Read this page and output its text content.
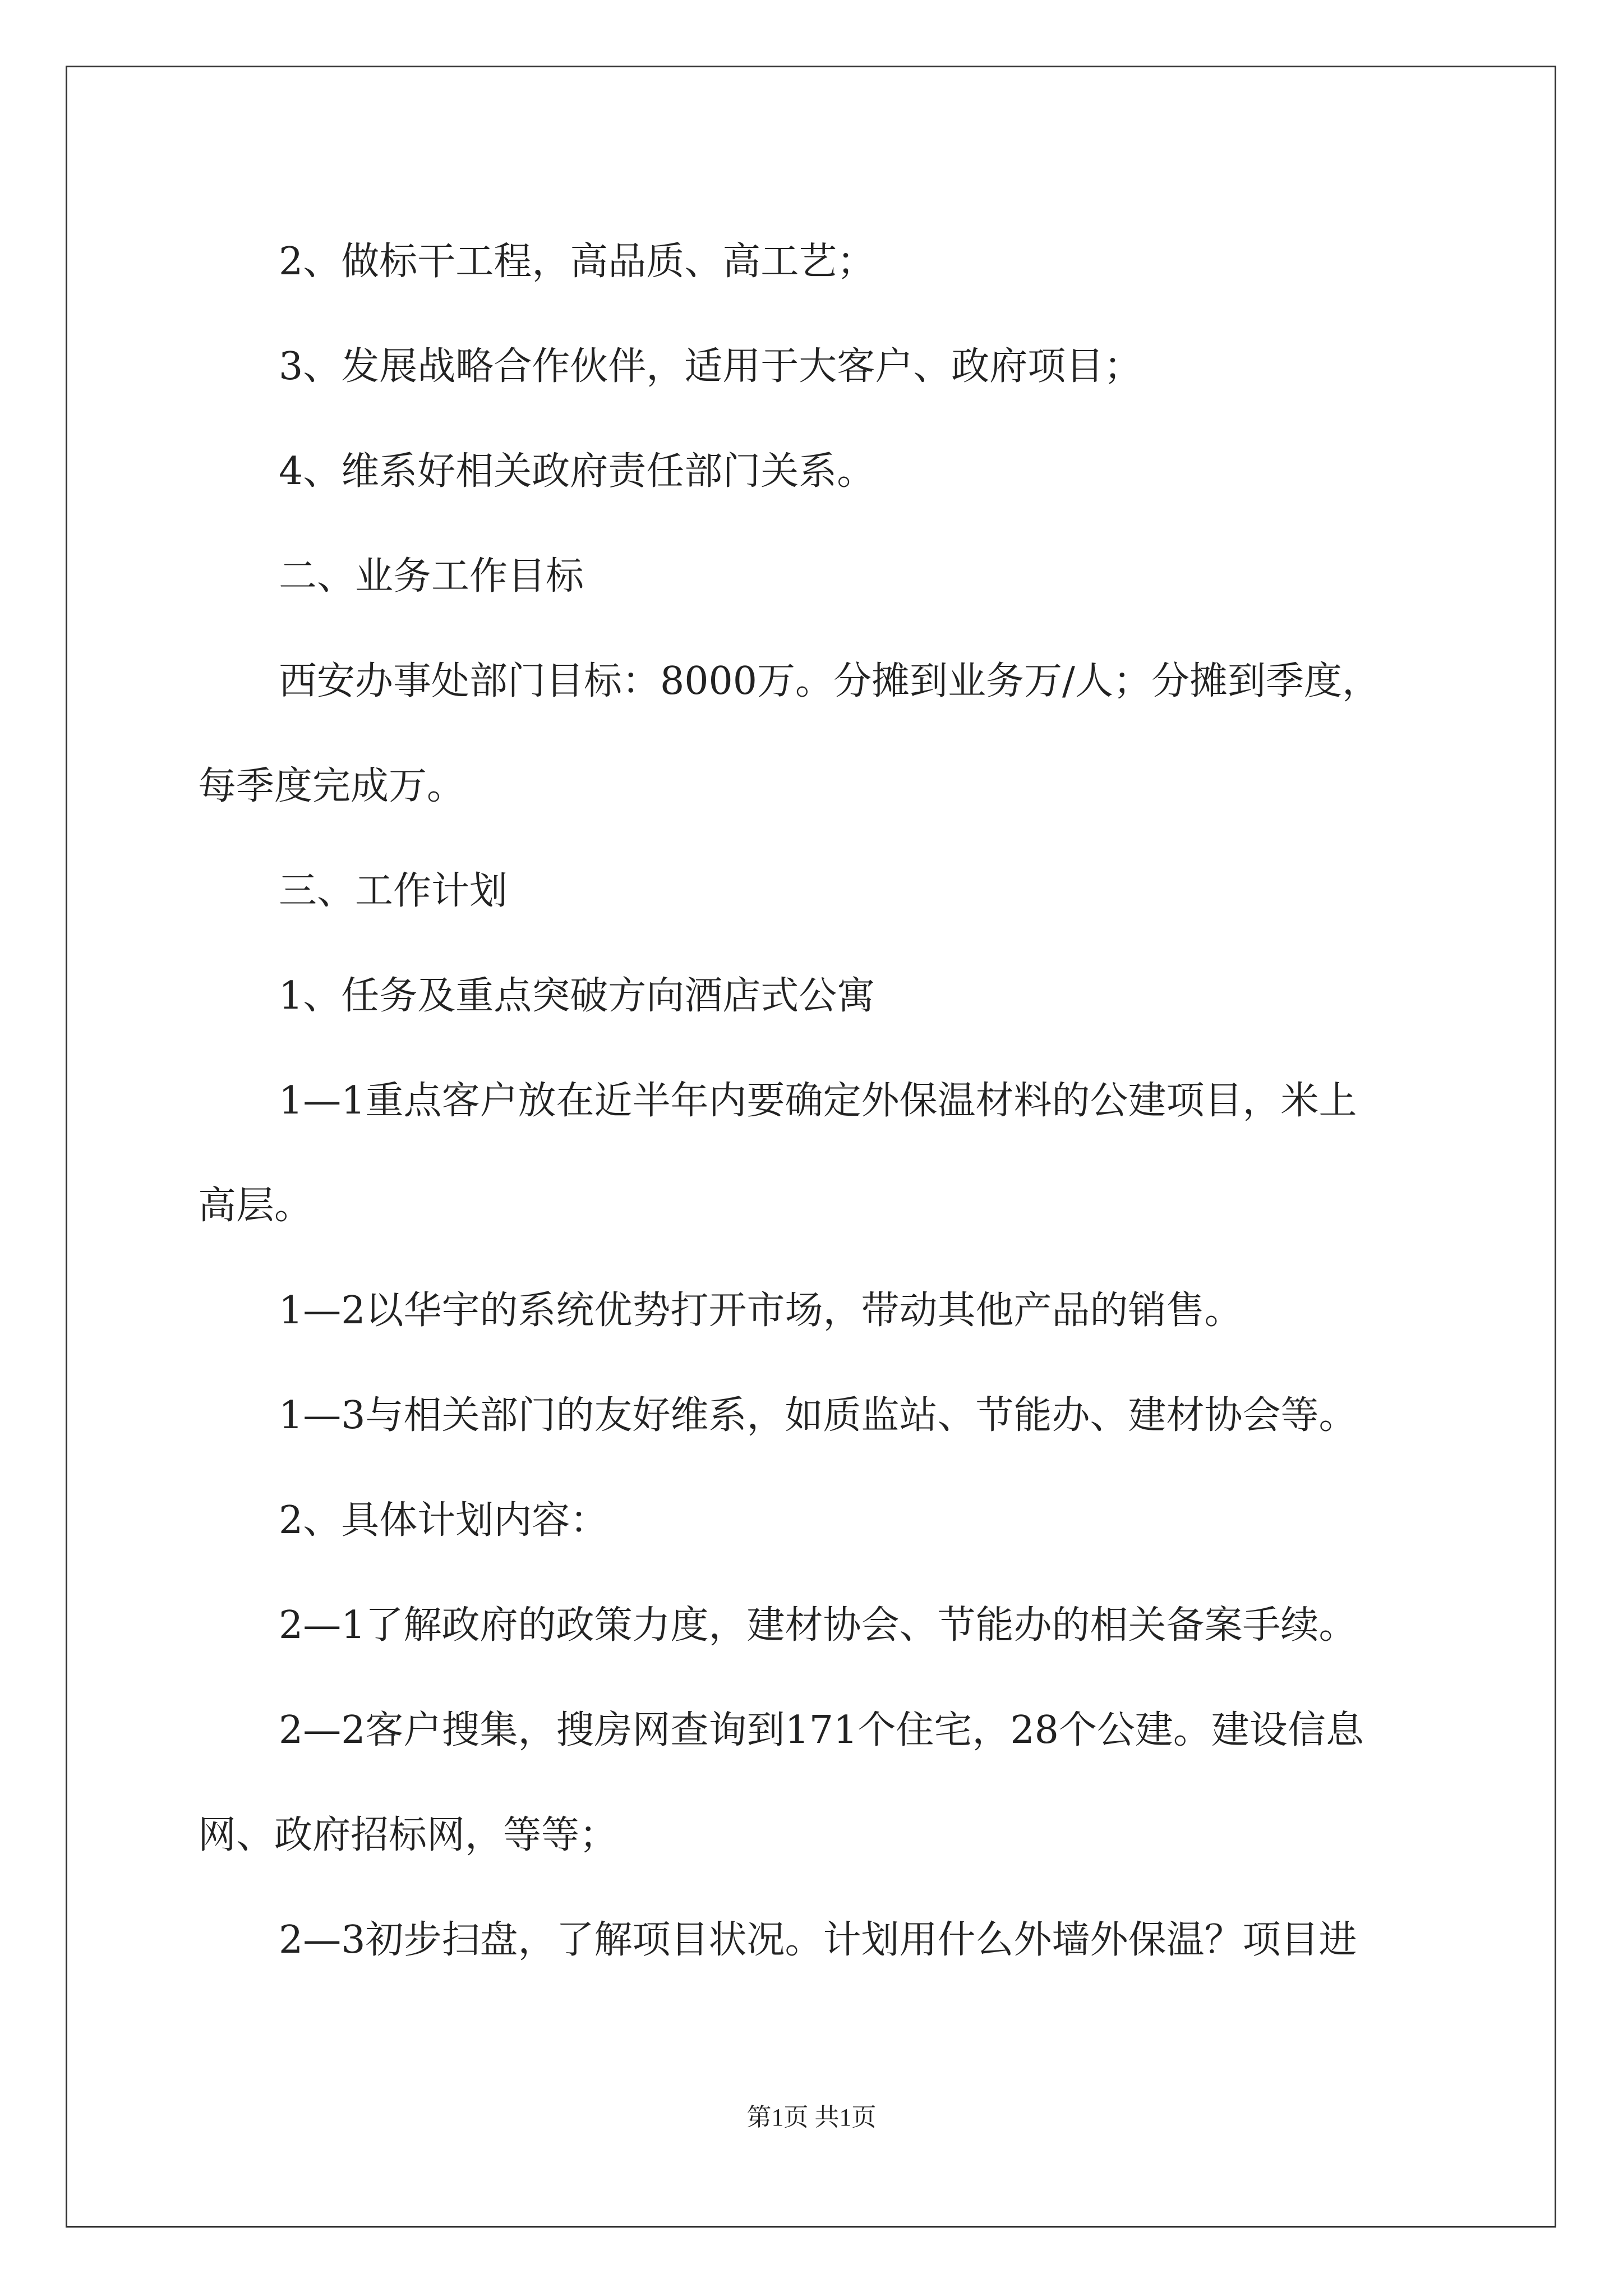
2、做标干工程，高品质、高工艺；
3、发展战略合作伙伴，适用于大客户、政府项目；
4、维系好相关政府责任部门关系。
二、业务工作目标
西安办事处部门目标：8000万。分摊到业务万/人；分摊到季度，
每季度完成万。
三、工作计划
1、任务及重点突破方向酒店式公寓
1—1重点客户放在近半年内要确定外保温材料的公建项目，米上
高层。
1—2以华宇的系统优势打开市场，带动其他产品的销售。
1—3与相关部门的友好维系，如质监站、节能办、建材协会等。
2、具体计划内容：
2—1了解政府的政策力度，建材协会、节能办的相关备案手续。
2—2客户搜集，搜房网查询到171个住宅，28个公建。建设信息
网、政府招标网，等等；
2—3初步扫盘，了解项目状况。计划用什么外墙外保温？项目进
第1页 共1页
